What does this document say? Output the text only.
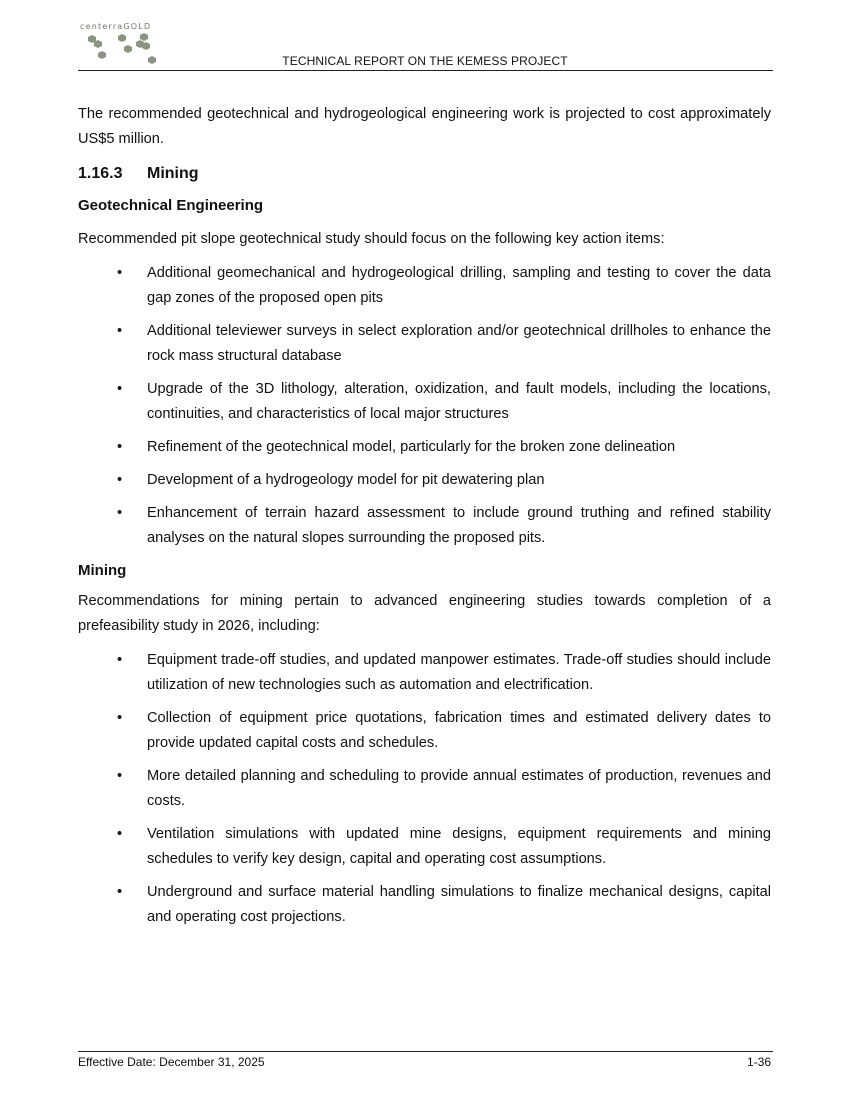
centerraGOLD
TECHNICAL REPORT ON THE KEMESS PROJECT

The recommended geotechnical and hydrogeological engineering work is projected to cost approximately US$5 million.

1.16.3 Mining
Geotechnical Engineering

Recommended pit slope geotechnical study should focus on the following key action items:

• Additional geomechanical and hydrogeological drilling, sampling and testing to cover the data gap zones of the proposed open pits
• Additional televiewer surveys in select exploration and/or geotechnical drillholes to enhance the rock mass structural database
• Upgrade of the 3D lithology, alteration, oxidization, and fault models, including the locations, continuities, and characteristics of local major structures
• Refinement of the geotechnical model, particularly for the broken zone delineation
• Development of a hydrogeology model for pit dewatering plan
• Enhancement of terrain hazard assessment to include ground truthing and refined stability analyses on the natural slopes surrounding the proposed pits.
Mining

Recommendations for mining pertain to advanced engineering studies towards completion of a prefeasibility study in 2026, including:

• Equipment trade-off studies, and updated manpower estimates. Trade-off studies should include utilization of new technologies such as automation and electrification.
• Collection of equipment price quotations, fabrication times and estimated delivery dates to provide updated capital costs and schedules.
• More detailed planning and scheduling to provide annual estimates of production, revenues and costs.
• Ventilation simulations with updated mine designs, equipment requirements and mining schedules to verify key design, capital and operating cost assumptions.
• Underground and surface material handling simulations to finalize mechanical designs, capital and operating cost projections.
Effective Date: December 31, 2025	1-36
